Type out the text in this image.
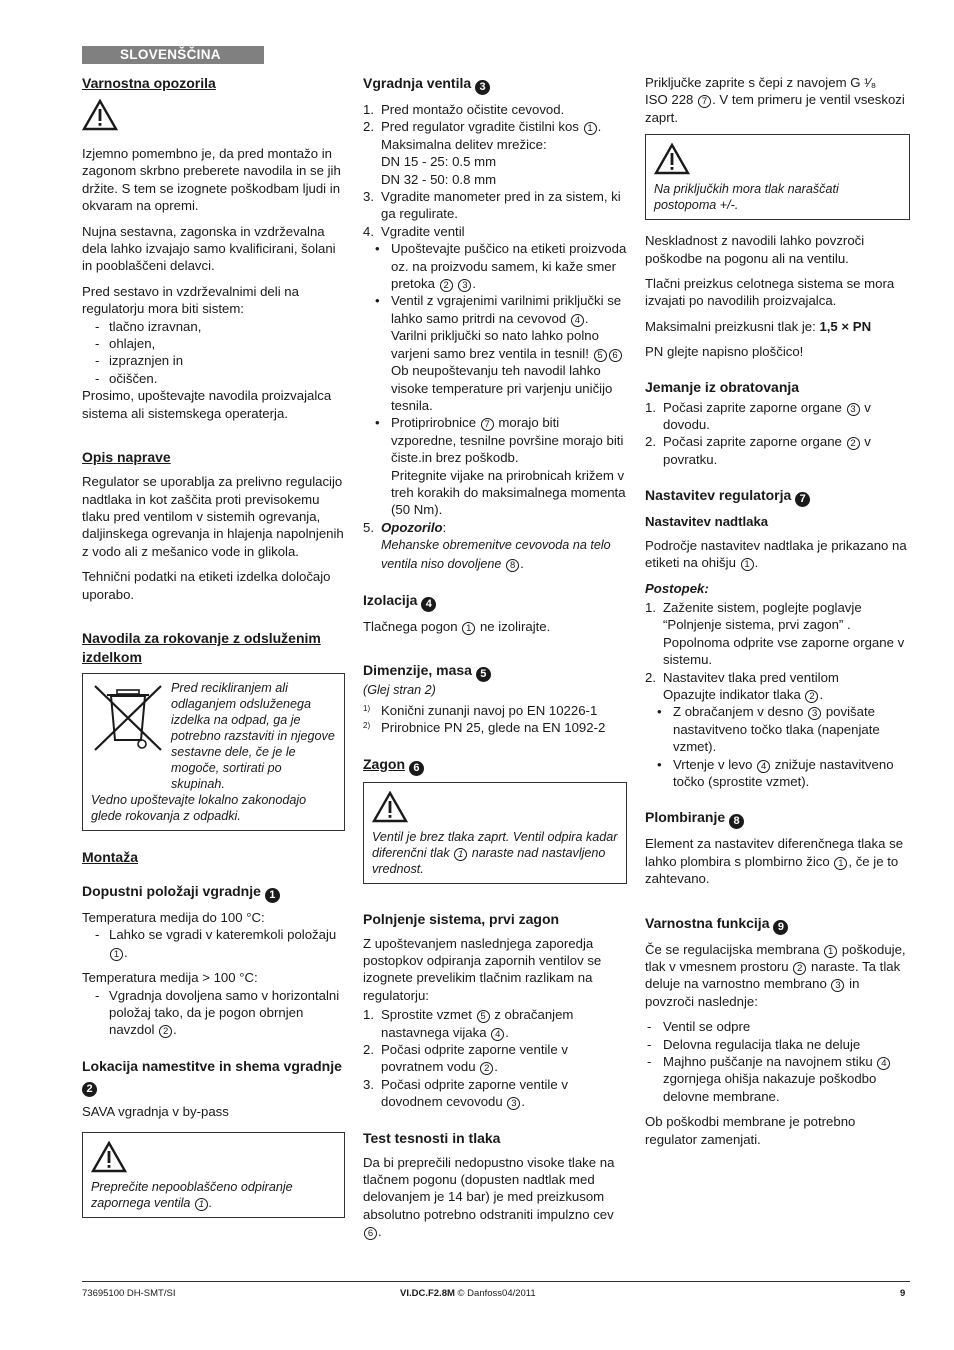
SLOVENŠČINA
Varnostna opozorila

Izjemno pomembno je, da pred montažo in zagonom skrbno preberete navodila in se jih držite. S tem se izognete poškodbam ljudi in okvaram na opremi.

Nujna sestavna, zagonska in vzdrževalna dela lahko izvajajo samo kvalificirani, šolani in pooblaščeni delavci.

Pred sestavo in vzdrževalnimi deli na regulatorju mora biti sistem:

- tlačno izravnan,
- ohlajen,
- izpraznjen in
- očiščen.

Prosimo, upoštevajte navodila proizvajalca sistema ali sistemskega operaterja.

Opis naprave

Regulator se uporablja za prelivno regulacijo nadtlaka in kot zaščita proti previsokemu tlaku pred ventilom v sistemih ogrevanja, daljinskega ogrevanja in hlajenja napolnjenih z vodo ali z mešanico vode in glikola.

Tehnični podatki na etiketi izdelka določajo uporabo.

Navodila za rokovanje z odsluženim izdelkom
Pred recikliranjem ali odlaganjem odsluženega izdelka na odpad, ga je potrebno razstaviti in njegove sestavne dele, če je le mogoče, sortirati po skupinah.
Vedno upoštevajte lokalno zakonodajo glede rokovanja z odpadki.
Montaža
Dopustni položaji vgradnje 1

Temperatura medija do 100 °C:

- Lahko se vgradi v kateremkoli položaju 1 .

Temperatura medija > 100 °C:

- Vgradnja dovoljena samo v horizontalni položaj tako, da je pogon obrnjen navzdol 2 .
Lokacija namestitve in shema vgradnje 2

SAVA vgradnja v by-pass

Preprečite nepooblaščeno odpiranje zapornega ventila 1 .
Vgradnja ventila 3
1. Pred montažo očistite cevovod.
2. Pred regulator vgradite čistilni kos 1 .
Maksimalna delitev mrežice:
DN 15 - 25: 0.5 mm
DN 32 - 50: 0.8 mm
3. Vgradite manometer pred in za sistem, ki ga regulirate.
4. Vgradite ventil
• Upoštevajte puščico na etiketi proizvoda oz. na proizvodu samem, ki kaže smer pretoka 2 3 .
• Ventil z vgrajenimi varilnimi priključki se lahko samo pritrdi na cevovod 4 . Varilni priključki so nato lahko polno varjeni samo brez ventila in tesnil! 5 6
Ob neupoštevanju teh navodil lahko visoke temperature pri varjenju uničijo tesnila.
• Protiprirobnice 7 morajo biti vzporedne, tesnilne površine morajo biti čiste.in brez poškodb.
Pritegnite vijake na prirobnicah križem v treh korakih do maksimalnega momenta (50 Nm).
5. Opozorilo:
Mehanske obremenitve cevovoda na telo ventila niso dovoljene 8 .
Izolacija 4

Tlačnega pogon 1 ne izolirajte.

Dimenzije, masa 5

(Glej stran 2)

1) Konični zunanji navoj po EN 10226-1
2) Prirobnice PN 25, glede na EN 1092-2
Zagon 6
Ventil je brez tlaka zaprt. Ventil odpira kadar diferenčni tlak 1 naraste nad nastavljeno vrednost.
Polnjenje sistema, prvi zagon

Z upoštevanjem naslednjega zaporedja postopkov odpiranja zapornih ventilov se izognete prevelikim tlačnim razlikam na regulatorju:

1. Sprostite vzmet 5 z obračanjem nastavnega vijaka 4 .
2. Počasi odprite zaporne ventile v povratnem vodu 2 .
3. Počasi odprite zaporne ventile v dovodnem cevovodu 3 .
Test tesnosti in tlaka

Da bi preprečili nedopustno visoke tlake na tlačnem pogonu (dopusten nadtlak med delovanjem je 14 bar) je med preizkusom absolutno potrebno odstraniti impulzno cev 6 .

Priključke zaprite s čepi z navojem G ¹⁄₈
ISO 228 7 . V tem primeru je ventil vseskozi zaprt.

Na priključkih mora tlak naraščati postopoma +/-.

Neskladnost z navodili lahko povzroči poškodbe na pogonu ali na ventilu.

Tlačni preizkus celotnega sistema se mora izvajati po navodilih proizvajalca.

Maksimalni preizkusni tlak je: 1,5 × PN

PN glejte napisno ploščico!

Jemanje iz obratovanja
1. Počasi zaprite zaporne organe 3 v dovodu.
2. Počasi zaprite zaporne organe 2 v povratku.
Nastavitev regulatorja 7
Nastavitev nadtlaka

Področje nastavitev nadtlaka je prikazano na etiketi na ohišju 1 .

Postopek:

1. Zaženite sistem, poglejte poglavje “Polnjenje sistema, prvi zagon” . Popolnoma odprite vse zaporne organe v sistemu.
2. Nastavitev tlaka pred ventilom
Opazujte indikator tlaka 2 .
• Z obračanjem v desno 3 povišate nastavitveno točko tlaka (napenjate vzmet).
• Vrtenje v levo 4 znižuje nastavitveno točko (sprostite vzmet).
Plombiranje 8

Element za nastavitev diferenčnega tlaka se lahko plombira s plombirno žico 1 , če je to zahtevano.

Varnostna funkcija 9

Če se regulacijska membrana 1 poškoduje, tlak v vmesnem prostoru 2 naraste. Ta tlak deluje na varnostno membrano 3 in povzroči naslednje:

- Ventil se odpre
- Delovna regulacija tlaka ne deluje
- Majhno puščanje na navojnem stiku 4 zgornjega ohišja nakazuje poškodbo delovne membrane.

Ob poškodbi membrane je potrebno regulator zamenjati.

73695100 DH-SMT/SI	VI.DC.F2.8M © Danfoss04/2011	9
